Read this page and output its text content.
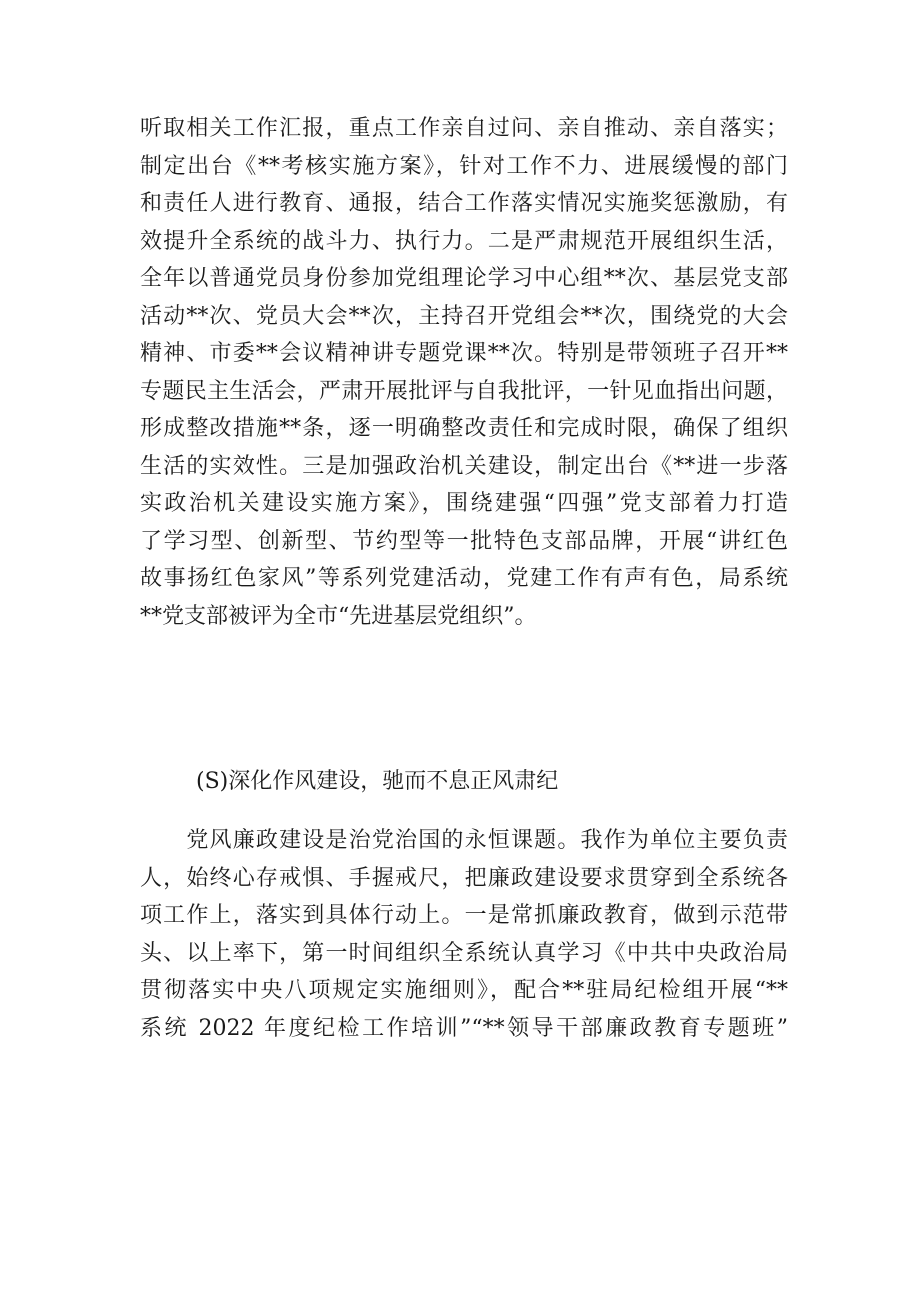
听取相关工作汇报，重点工作亲自过问、亲自推动、亲自落实；
制定出台《**考核实施方案》，针对工作不力、进展缓慢的部门
和责任人进行教育、通报，结合工作落实情况实施奖惩激励，有
效提升全系统的战斗力、执行力。二是严肃规范开展组织生活，
全年以普通党员身份参加党组理论学习中心组**次、基层党支部
活动**次、党员大会**次，主持召开党组会**次，围绕党的大会
精神、市委**会议精神讲专题党课**次。特别是带领班子召开**
专题民主生活会，严肃开展批评与自我批评，一针见血指出问题，
形成整改措施**条，逐一明确整改责任和完成时限，确保了组织
生活的实效性。三是加强政治机关建设，制定出台《**进一步落
实政治机关建设实施方案》，围绕建强“四强”党支部着力打造
了学习型、创新型、节约型等一批特色支部品牌，开展“讲红色
故事扬红色家风”等系列党建活动，党建工作有声有色，局系统
**党支部被评为全市“先进基层党组织”。
(S)深化作风建设，驰而不息正风肃纪
　　党风廉政建设是治党治国的永恒课题。我作为单位主要负责
人，始终心存戒惧、手握戒尺，把廉政建设要求贯穿到全系统各
项工作上，落实到具体行动上。一是常抓廉政教育，做到示范带
头、以上率下，第一时间组织全系统认真学习《中共中央政治局
贯彻落实中央八项规定实施细则》，配合**驻局纪检组开展“**
系统 2022 年度纪检工作培训”“**领导干部廉政教育专题班”
